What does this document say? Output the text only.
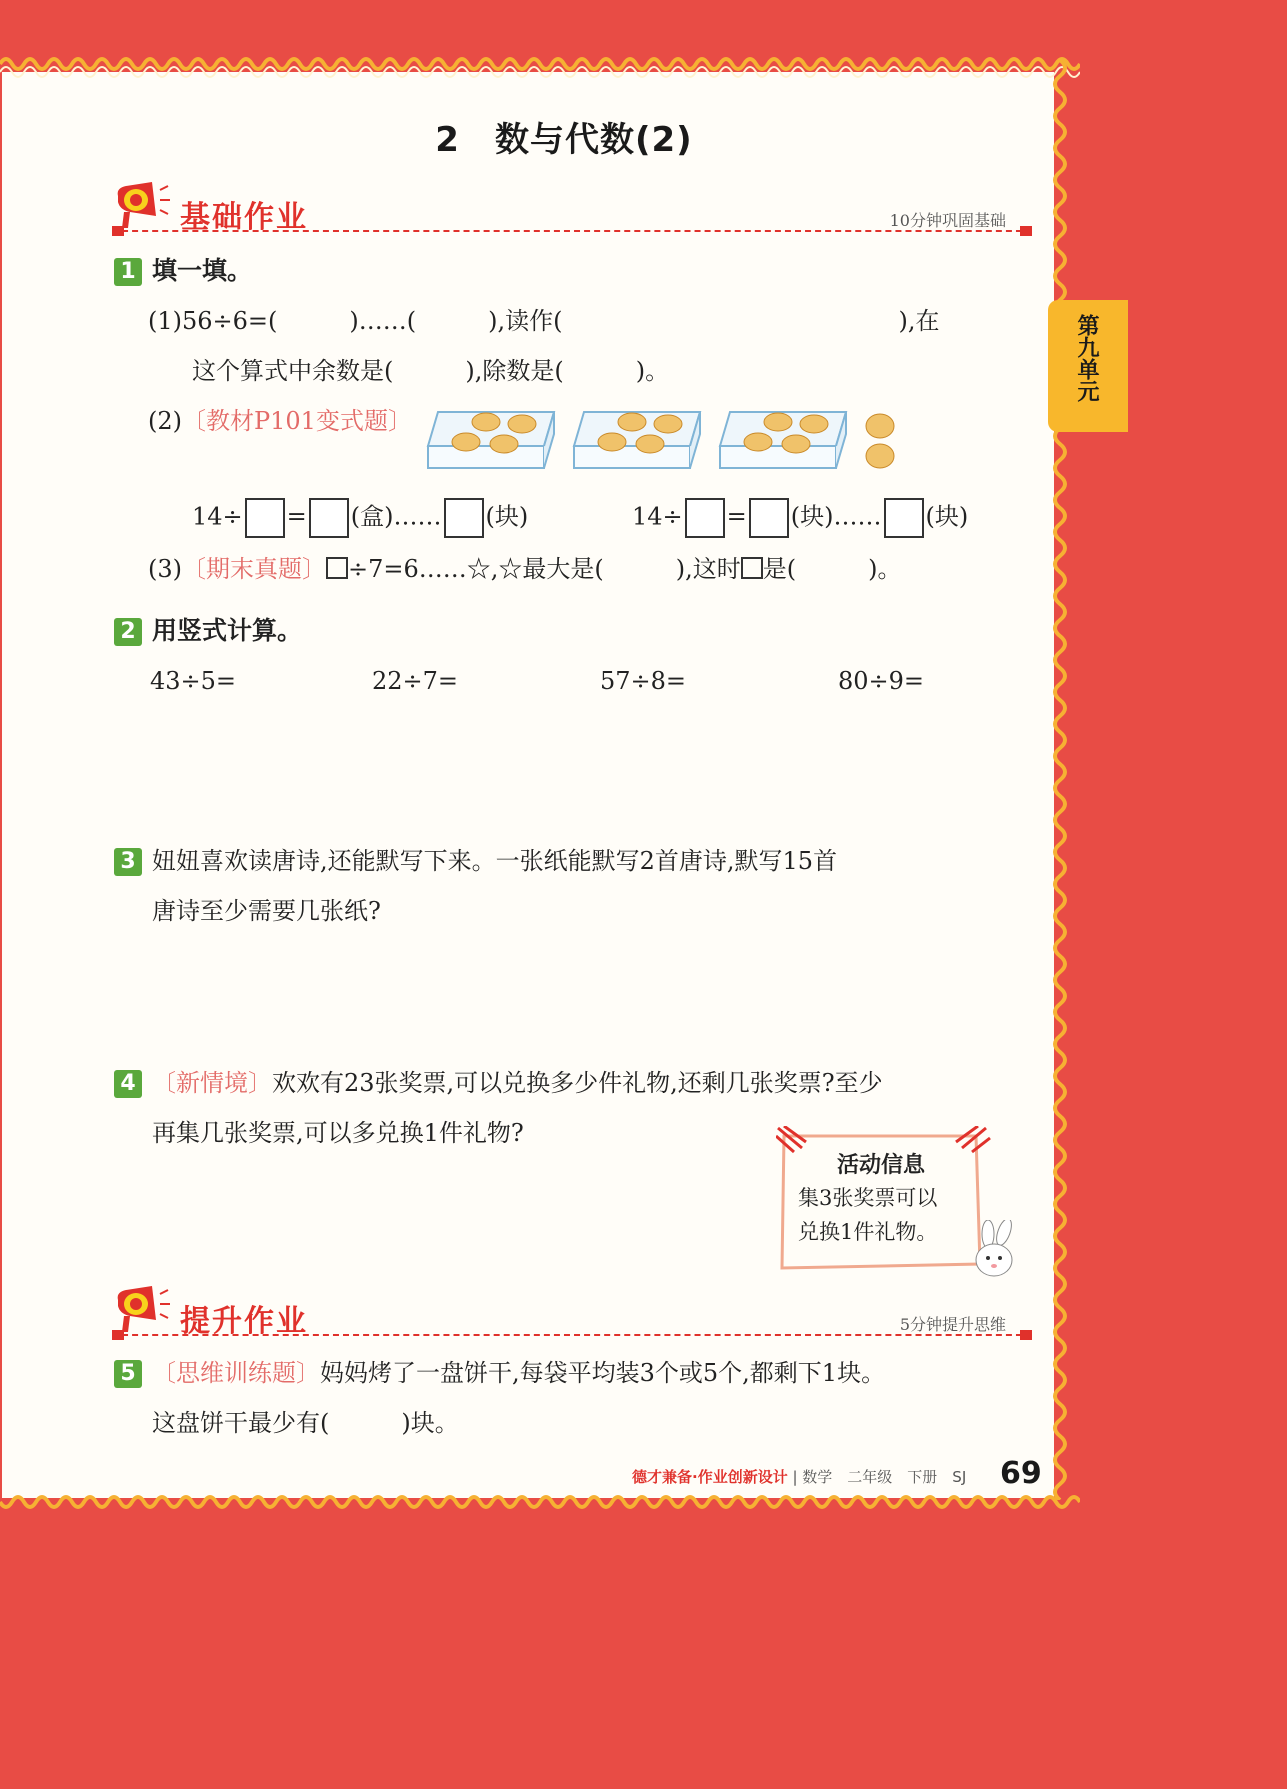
第九单元
2　数与代数(2)
基础作业	10分钟巩固基础
1 填一填。
(1)56÷6=(　　　)……(　　　),读作(　　　　　　　　　　　　　　),在
这个算式中余数是(　　　),除数是(　　　)。
(2)〔教材P101变式题〕
14÷ = (盒)…… (块)	14÷ = (块)…… (块)
(3)〔期末真题〕 ÷7=6……☆,☆最大是(　　　),这时 是(　　　)。
2 用竖式计算。
43÷5=	22÷7=	57÷8=	80÷9=
3 妞妞喜欢读唐诗,还能默写下来。一张纸能默写2首唐诗,默写15首
唐诗至少需要几张纸?
4 〔新情境〕欢欢有23张奖票,可以兑换多少件礼物,还剩几张奖票?至少
再集几张奖票,可以多兑换1件礼物?
活动信息
集3张奖票可以
兑换1件礼物。
提升作业	5分钟提升思维
5 〔思维训练题〕妈妈烤了一盘饼干,每袋平均装3个或5个,都剩下1块。
这盘饼干最少有(　　　)块。
德才兼备·作业创新设计 | 数学　二年级　下册　SJ 69
